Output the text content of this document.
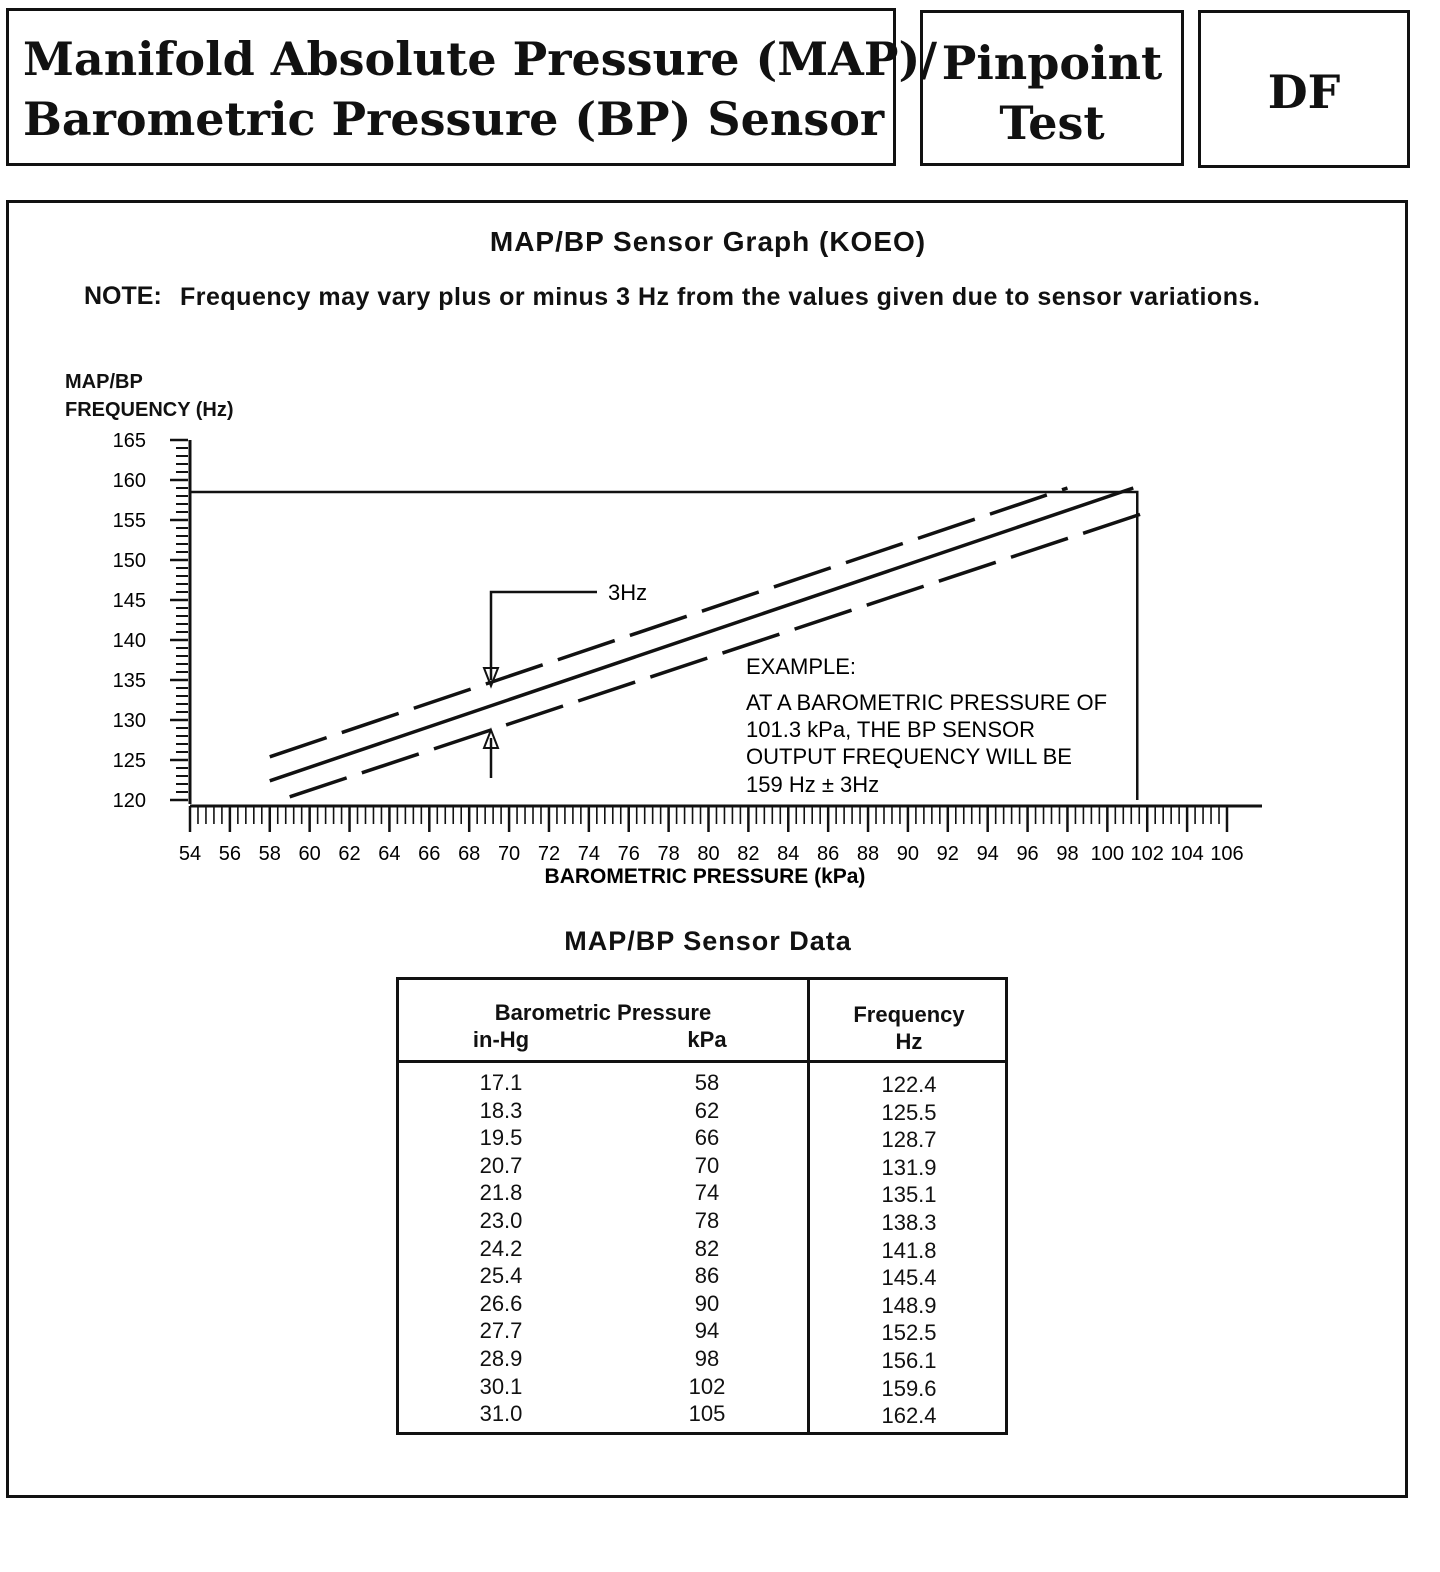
Manifold Absolute Pressure (MAP)/
Barometric Pressure (BP) Sensor
Pinpoint
Test
DF
MAP/BP Sensor Graph (KOEO)
NOTE: Frequency may vary plus or minus 3 Hz from the values given due to sensor variations.
MAP/BP
FREQUENCY (Hz)
165
160
155
150
145
140
135
130
125
120
54 56 58 60 62 64 66 68 70 72 74 76 78 80 82 84 86 88 90 92 94 96 98 100 102 104 106
3Hz
EXAMPLE:
AT A BAROMETRIC PRESSURE OF
101.3 kPa, THE BP SENSOR
OUTPUT FREQUENCY WILL BE
159 Hz ± 3Hz
BAROMETRIC PRESSURE (kPa)
MAP/BP Sensor Data
Barometric Pressure
in-Hg	kPa
Frequency
Hz
17.1	58	122.4
18.3	62	125.5
19.5	66	128.7
20.7	70	131.9
21.8	74	135.1
23.0	78	138.3
24.2	82	141.8
25.4	86	145.4
26.6	90	148.9
27.7	94	152.5
28.9	98	156.1
30.1	102	159.6
31.0	105	162.4
